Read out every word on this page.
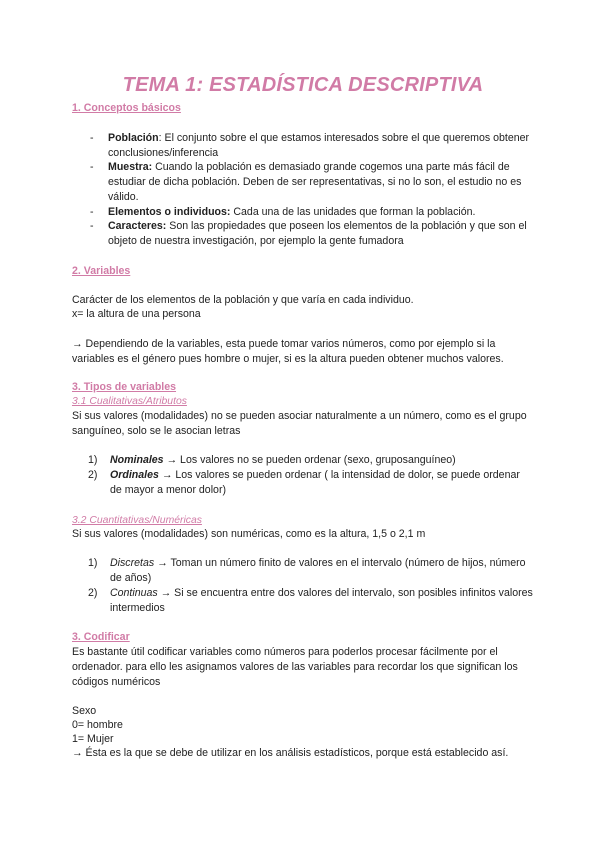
TEMA 1: ESTADÍSTICA DESCRIPTIVA
1. Conceptos básicos
- Población: El conjunto sobre el que estamos interesados sobre el que queremos obtener conclusiones/inferencia
- Muestra: Cuando la población es demasiado grande cogemos una parte más fácil de estudiar de dicha población. Deben de ser representativas, si no lo son, el estudio no es válido.
- Elementos o individuos: Cada una de las unidades que forman la población.
- Caracteres: Son las propiedades que poseen los elementos de la población y que son el objeto de nuestra investigación, por ejemplo la gente fumadora
2. Variables
Carácter de los elementos de la población y que varía en cada individuo.
x= la altura de una persona
→ Dependiendo de la variables, esta puede tomar varios números, como por ejemplo si la variables es el género pues hombre o mujer, si es la altura pueden obtener muchos valores.
3. Tipos de variables
3.1 Cualitativas/Atributos
Si sus valores (modalidades) no se pueden asociar naturalmente a un número, como es el grupo sanguíneo, solo se le asocian letras
1) Nominales → Los valores no se pueden ordenar (sexo, gruposanguíneo)
2) Ordinales → Los valores se pueden ordenar ( la intensidad de dolor, se puede ordenar de mayor a menor dolor)
3.2 Cuantitativas/Numéricas
Si sus valores (modalidades) son numéricas, como es la altura, 1,5 o 2,1 m
1) Discretas → Toman un número finito de valores en el intervalo (número de hijos, número de años)
2) Continuas → Si se encuentra entre dos valores del intervalo, son posibles infinitos valores intermedios
3. Codificar
Es bastante útil codificar variables como números para poderlos procesar fácilmente por el ordenador. para ello les asignamos valores de las variables para recordar los que significan los códigos numéricos
Sexo
0= hombre
1= Mujer
→ Ésta es la que se debe de utilizar en los análisis estadísticos, porque está establecido así.
